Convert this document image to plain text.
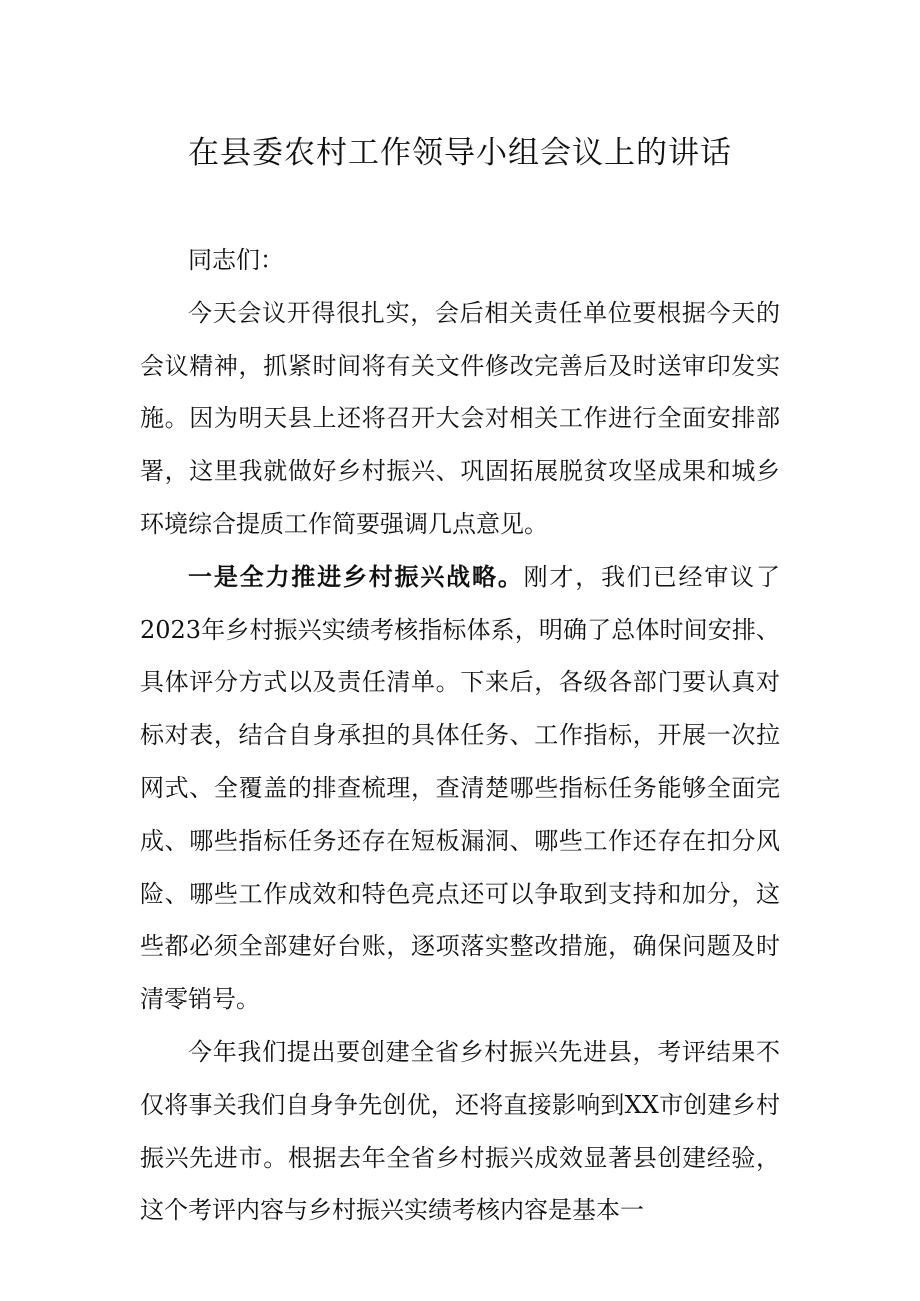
在县委农村工作领导小组会议上的讲话

同志们：

今天会议开得很扎实，会后相关责任单位要根据今天的会议精神，抓紧时间将有关文件修改完善后及时送审印发实施。因为明天县上还将召开大会对相关工作进行全面安排部署，这里我就做好乡村振兴、巩固拓展脱贫攻坚成果和城乡环境综合提质工作简要强调几点意见。

一是全力推进乡村振兴战略。刚才，我们已经审议了2023年乡村振兴实绩考核指标体系，明确了总体时间安排、具体评分方式以及责任清单。下来后，各级各部门要认真对标对表，结合自身承担的具体任务、工作指标，开展一次拉网式、全覆盖的排查梳理，查清楚哪些指标任务能够全面完成、哪些指标任务还存在短板漏洞、哪些工作还存在扣分风险、哪些工作成效和特色亮点还可以争取到支持和加分，这些都必须全部建好台账，逐项落实整改措施，确保问题及时清零销号。

今年我们提出要创建全省乡村振兴先进县，考评结果不仅将事关我们自身争先创优，还将直接影响到XX市创建乡村振兴先进市。根据去年全省乡村振兴成效显著县创建经验，这个考评内容与乡村振兴实绩考核内容是基本一
